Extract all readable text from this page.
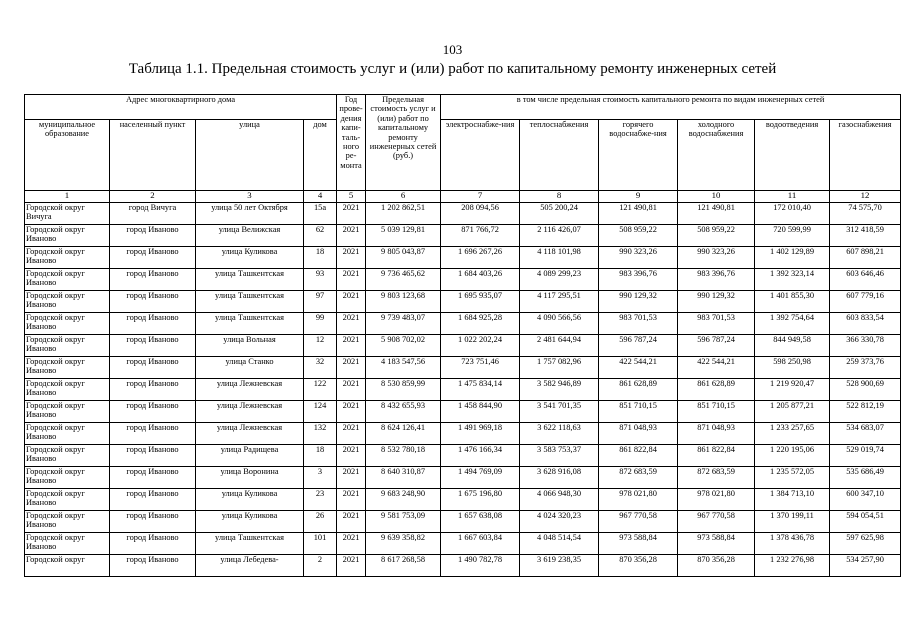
103
Таблица 1.1. Предельная стоимость услуг и (или) работ по капитальному ремонту инженерных сетей
Адрес многоквартирного дома				Год прове-дения капи-таль-ного ре-монта	Предельная стоимость услуг и (или) работ по капитальному ремонту инженерных сетей (руб.)	в том числе предельная стоимость капитального ремонта по видам инженерных сетей					
муниципальное образование	населенный пункт	улица	дом			электроснабже-ния	теплоснабжения	горячего водоснабже-ния	холодного водоснабжения	водоотведения	газоснабжения
1	2	3	4	5	6	7	8	9	10	11	12
Городской округ Вичуга	город Вичуга	улица 50 лет Октября	15а	2021	1 202 862,51	208 094,56	505 200,24	121 490,81	121 490,81	172 010,40	74 575,70
Городской округ Иваново	город Иваново	улица Велижская	62	2021	5 039 129,81	871 766,72	2 116 426,07	508 959,22	508 959,22	720 599,99	312 418,59
Городской округ Иваново	город Иваново	улица Куликова	18	2021	9 805 043,87	1 696 267,26	4 118 101,98	990 323,26	990 323,26	1 402 129,89	607 898,21
Городской округ Иваново	город Иваново	улица Ташкентская	93	2021	9 736 465,62	1 684 403,26	4 089 299,23	983 396,76	983 396,76	1 392 323,14	603 646,46
Городской округ Иваново	город Иваново	улица Ташкентская	97	2021	9 803 123,68	1 695 935,07	4 117 295,51	990 129,32	990 129,32	1 401 855,30	607 779,16
Городской округ Иваново	город Иваново	улица Ташкентская	99	2021	9 739 483,07	1 684 925,28	4 090 566,56	983 701,53	983 701,53	1 392 754,64	603 833,54
Городской округ Иваново	город Иваново	улица Вольная	12	2021	5 908 702,02	1 022 202,24	2 481 644,94	596 787,24	596 787,24	844 949,58	366 330,78
Городской округ Иваново	город Иваново	улица Станко	32	2021	4 183 547,56	723 751,46	1 757 082,96	422 544,21	422 544,21	598 250,98	259 373,76
Городской округ Иваново	город Иваново	улица Лежневская	122	2021	8 530 859,99	1 475 834,14	3 582 946,89	861 628,89	861 628,89	1 219 920,47	528 900,69
Городской округ Иваново	город Иваново	улица Лежневская	124	2021	8 432 655,93	1 458 844,90	3 541 701,35	851 710,15	851 710,15	1 205 877,21	522 812,19
Городской округ Иваново	город Иваново	улица Лежневская	132	2021	8 624 126,41	1 491 969,18	3 622 118,63	871 048,93	871 048,93	1 233 257,65	534 683,07
Городской округ Иваново	город Иваново	улица Радищева	18	2021	8 532 780,18	1 476 166,34	3 583 753,37	861 822,84	861 822,84	1 220 195,06	529 019,74
Городской округ Иваново	город Иваново	улица Воронина	3	2021	8 640 310,87	1 494 769,09	3 628 916,08	872 683,59	872 683,59	1 235 572,05	535 686,49
Городской округ Иваново	город Иваново	улица Куликова	23	2021	9 683 248,90	1 675 196,80	4 066 948,30	978 021,80	978 021,80	1 384 713,10	600 347,10
Городской округ Иваново	город Иваново	улица Куликова	26	2021	9 581 753,09	1 657 638,08	4 024 320,23	967 770,58	967 770,58	1 370 199,11	594 054,51
Городской округ Иваново	город Иваново	улица Ташкентская	101	2021	9 639 358,82	1 667 603,84	4 048 514,54	973 588,84	973 588,84	1 378 436,78	597 625,98
Городской округ	город Иваново	улица Лебедева-	2	2021	8 617 268,58	1 490 782,78	3 619 238,35	870 356,28	870 356,28	1 232 276,98	534 257,90
